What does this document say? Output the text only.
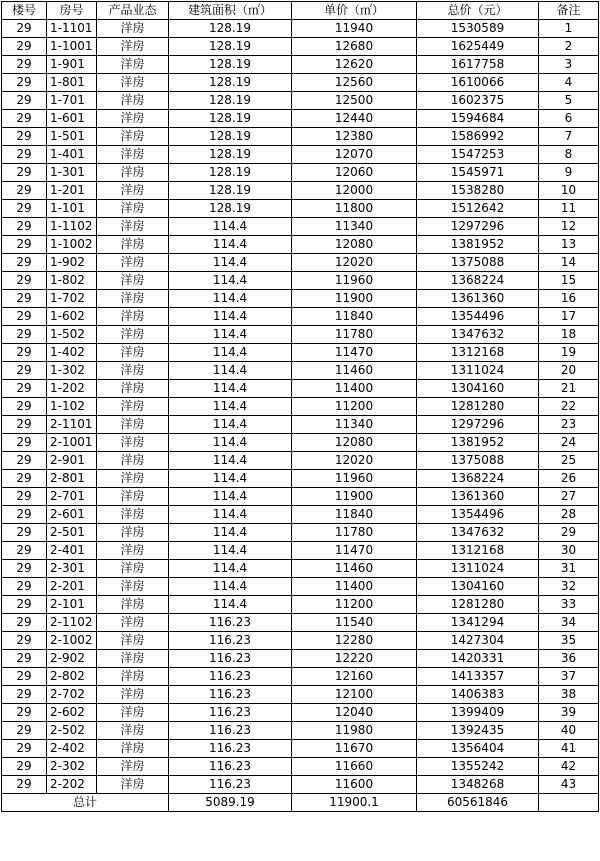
楼号	房号	产品业态	建筑面积（㎡）	单价（㎡）	总价（元）	备注
29	1-1101	洋房	128.19	11940	1530589	1
29	1-1001	洋房	128.19	12680	1625449	2
29	1-901	洋房	128.19	12620	1617758	3
29	1-801	洋房	128.19	12560	1610066	4
29	1-701	洋房	128.19	12500	1602375	5
29	1-601	洋房	128.19	12440	1594684	6
29	1-501	洋房	128.19	12380	1586992	7
29	1-401	洋房	128.19	12070	1547253	8
29	1-301	洋房	128.19	12060	1545971	9
29	1-201	洋房	128.19	12000	1538280	10
29	1-101	洋房	128.19	11800	1512642	11
29	1-1102	洋房	114.4	11340	1297296	12
29	1-1002	洋房	114.4	12080	1381952	13
29	1-902	洋房	114.4	12020	1375088	14
29	1-802	洋房	114.4	11960	1368224	15
29	1-702	洋房	114.4	11900	1361360	16
29	1-602	洋房	114.4	11840	1354496	17
29	1-502	洋房	114.4	11780	1347632	18
29	1-402	洋房	114.4	11470	1312168	19
29	1-302	洋房	114.4	11460	1311024	20
29	1-202	洋房	114.4	11400	1304160	21
29	1-102	洋房	114.4	11200	1281280	22
29	2-1101	洋房	114.4	11340	1297296	23
29	2-1001	洋房	114.4	12080	1381952	24
29	2-901	洋房	114.4	12020	1375088	25
29	2-801	洋房	114.4	11960	1368224	26
29	2-701	洋房	114.4	11900	1361360	27
29	2-601	洋房	114.4	11840	1354496	28
29	2-501	洋房	114.4	11780	1347632	29
29	2-401	洋房	114.4	11470	1312168	30
29	2-301	洋房	114.4	11460	1311024	31
29	2-201	洋房	114.4	11400	1304160	32
29	2-101	洋房	114.4	11200	1281280	33
29	2-1102	洋房	116.23	11540	1341294	34
29	2-1002	洋房	116.23	12280	1427304	35
29	2-902	洋房	116.23	12220	1420331	36
29	2-802	洋房	116.23	12160	1413357	37
29	2-702	洋房	116.23	12100	1406383	38
29	2-602	洋房	116.23	12040	1399409	39
29	2-502	洋房	116.23	11980	1392435	40
29	2-402	洋房	116.23	11670	1356404	41
29	2-302	洋房	116.23	11660	1355242	42
29	2-202	洋房	116.23	11600	1348268	43
总计			5089.19	11900.1	60561846	
